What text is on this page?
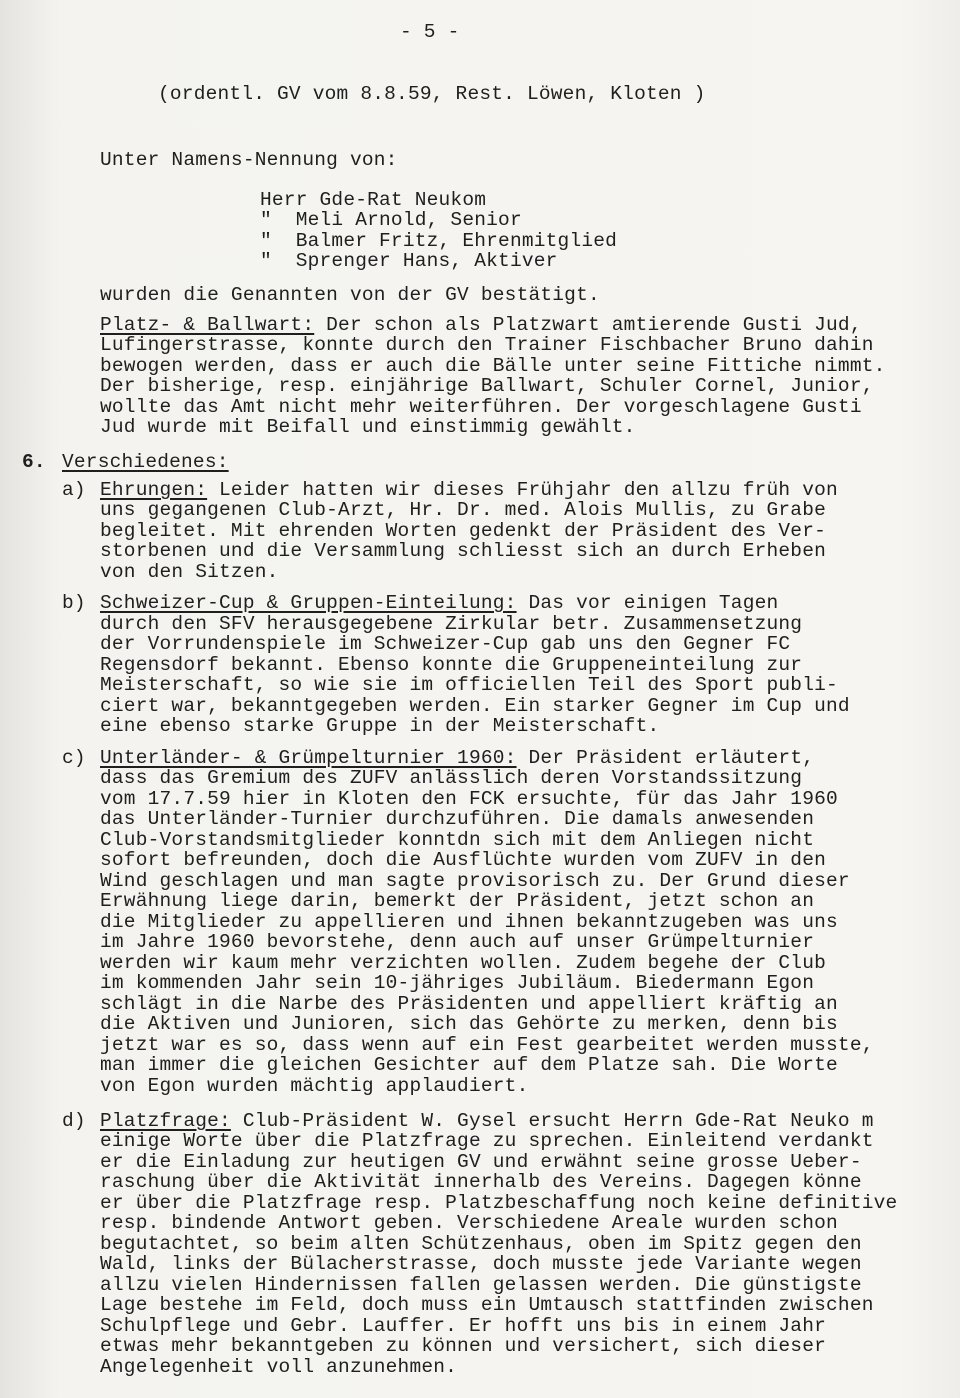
- 5 -
(ordentl. GV vom 8.8.59, Rest. Löwen, Kloten )
Unter Namens-Nennung von:
Herr Gde-Rat Neukom
"  Meli Arnold, Senior
"  Balmer Fritz, Ehrenmitglied
"  Sprenger Hans, Aktiver
wurden die Genannten von der GV bestätigt.
Platz- & Ballwart: Der schon als Platzwart amtierende Gusti Jud,
Lufingerstrasse, konnte durch den Trainer Fischbacher Bruno dahin
bewogen werden, dass er auch die Bälle unter seine Fittiche nimmt.
Der bisherige, resp. einjährige Ballwart, Schuler Cornel, Junior,
wollte das Amt nicht mehr weiterführen. Der vorgeschlagene Gusti
Jud wurde mit Beifall und einstimmig gewählt.
6. Verschiedenes:
a) Ehrungen: Leider hatten wir dieses Frühjahr den allzu früh von
uns gegangenen Club-Arzt, Hr. Dr. med. Alois Mullis, zu Grabe
begleitet. Mit ehrenden Worten gedenkt der Präsident des Ver-
storbenen und die Versammlung schliesst sich an durch Erheben
von den Sitzen.
b) Schweizer-Cup & Gruppen-Einteilung: Das vor einigen Tagen
durch den SFV herausgegebene Zirkular betr. Zusammensetzung
der Vorrundenspiele im Schweizer-Cup gab uns den Gegner FC
Regensdorf bekannt. Ebenso konnte die Gruppeneinteilung zur
Meisterschaft, so wie sie im officiellen Teil des Sport publi-
ciert war, bekanntgegeben werden. Ein starker Gegner im Cup und
eine ebenso starke Gruppe in der Meisterschaft.
c) Unterländer- & Grümpelturnier 1960: Der Präsident erläutert,
dass das Gremium des ZUFV anlässlich deren Vorstandssitzung
vom 17.7.59 hier in Kloten den FCK ersuchte, für das Jahr 1960
das Unterländer-Turnier durchzuführen. Die damals anwesenden
Club-Vorstandsmitglieder konntdn sich mit dem Anliegen nicht
sofort befreunden, doch die Ausflüchte wurden vom ZUFV in den
Wind geschlagen und man sagte provisorisch zu. Der Grund dieser
Erwähnung liege darin, bemerkt der Präsident, jetzt schon an
die Mitglieder zu appellieren und ihnen bekanntzugeben was uns
im Jahre 1960 bevorstehe, denn auch auf unser Grümpelturnier
werden wir kaum mehr verzichten wollen. Zudem begehe der Club
im kommenden Jahr sein 10-jähriges Jubiläum. Biedermann Egon
schlägt in die Narbe des Präsidenten und appelliert kräftig an
die Aktiven und Junioren, sich das Gehörte zu merken, denn bis
jetzt war es so, dass wenn auf ein Fest gearbeitet werden musste,
man immer die gleichen Gesichter auf dem Platze sah. Die Worte
von Egon wurden mächtig applaudiert.
d) Platzfrage: Club-Präsident W. Gysel ersucht Herrn Gde-Rat Neuko m
einige Worte über die Platzfrage zu sprechen. Einleitend verdankt
er die Einladung zur heutigen GV und erwähnt seine grosse Ueber-
raschung über die Aktivität innerhalb des Vereins. Dagegen könne
er über die Platzfrage resp. Platzbeschaffung noch keine definitive
resp. bindende Antwort geben. Verschiedene Areale wurden schon
begutachtet, so beim alten Schützenhaus, oben im Spitz gegen den
Wald, links der Bülacherstrasse, doch musste jede Variante wegen
allzu vielen Hindernissen fallen gelassen werden. Die günstigste
Lage bestehe im Feld, doch muss ein Umtausch stattfinden zwischen
Schulpflege und Gebr. Lauffer. Er hofft uns bis in einem Jahr
etwas mehr bekanntgeben zu können und versichert, sich dieser
Angelegenheit voll anzunehmen.
